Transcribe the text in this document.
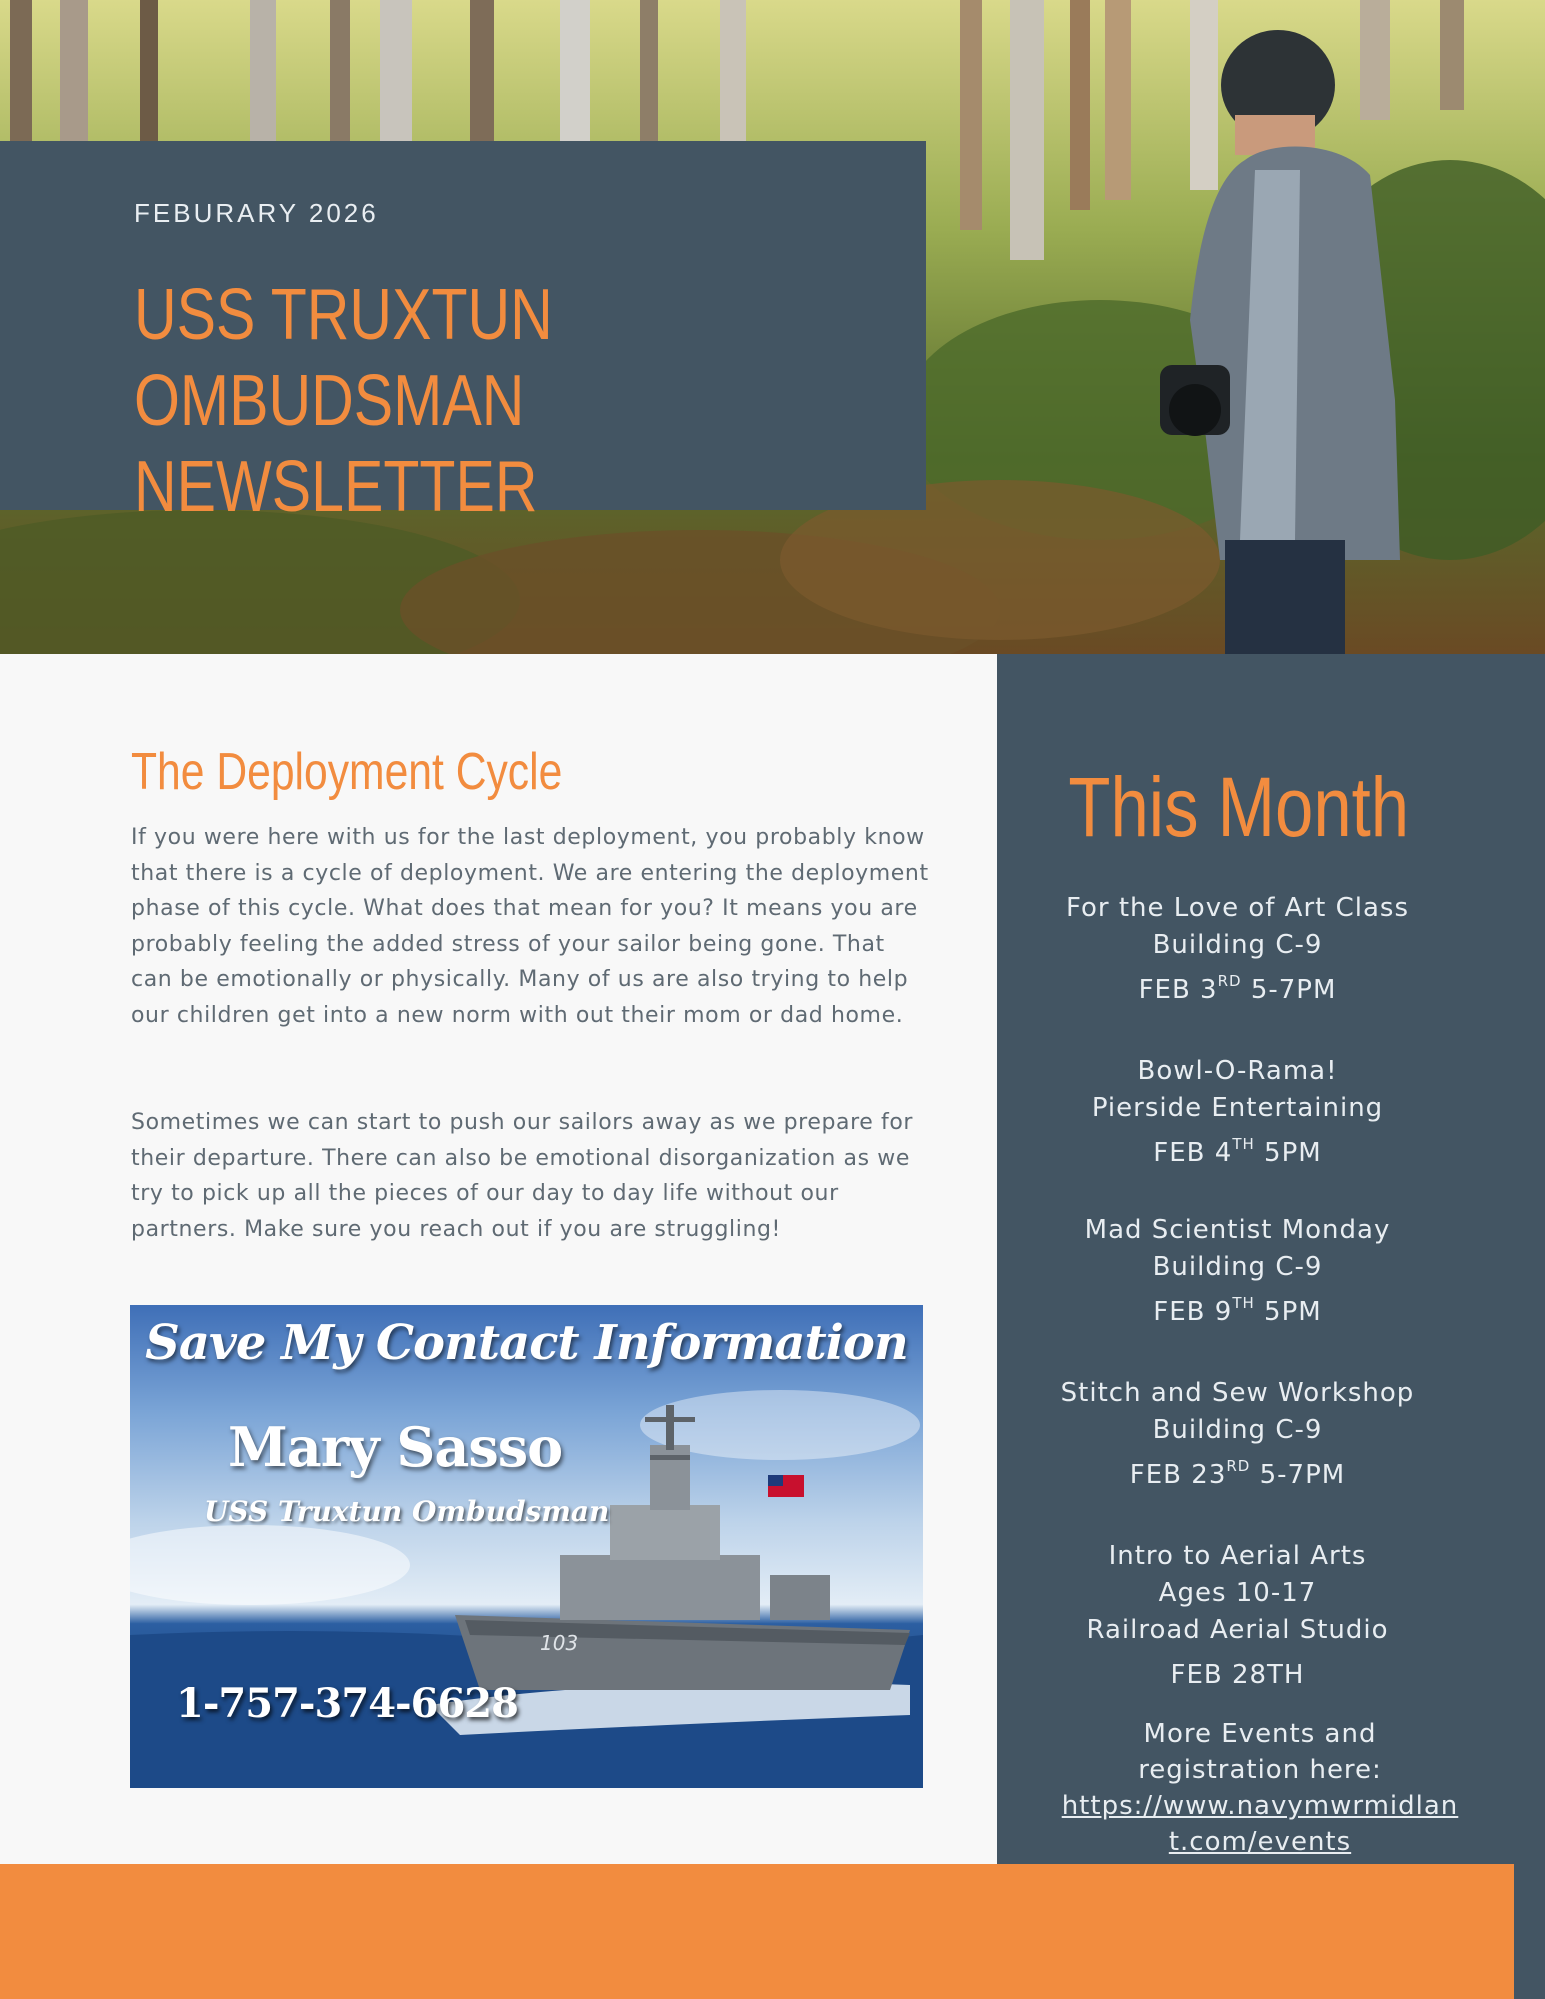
FEBURARY 2026
USS TRUXTUN OMBUDSMAN
NEWSLETTER
The Deployment Cycle
If you were here with us for the last deployment, you probably know that there is a cycle of deployment. We are entering the deployment phase of this cycle. What does that mean for you? It means you are probably feeling the added stress of your sailor being gone. That can be emotionally or physically. Many of us are also trying to help our children get into a new norm with out their mom or dad home.
Sometimes we can start to push our sailors away as we prepare for their departure. There can also be emotional disorganization as we try to pick up all the pieces of our day to day life without our partners. Make sure you reach out if you are struggling!
103
Save My Contact Information
Mary Sasso
USS Truxtun Ombudsman
1-757-374-6628
This Month
For the Love of Art Class
Building C-9
FEB 3RD 5-7PM
Bowl-O-Rama!
Pierside Entertaining
FEB 4TH 5PM
Mad Scientist Monday
Building C-9
FEB 9TH 5PM
Stitch and Sew Workshop
Building C-9
FEB 23RD 5-7PM
Intro to Aerial Arts
Ages 10-17
Railroad Aerial Studio
FEB 28TH
More Events and
registration here:
https://www.navymwrmidlant.com/events
